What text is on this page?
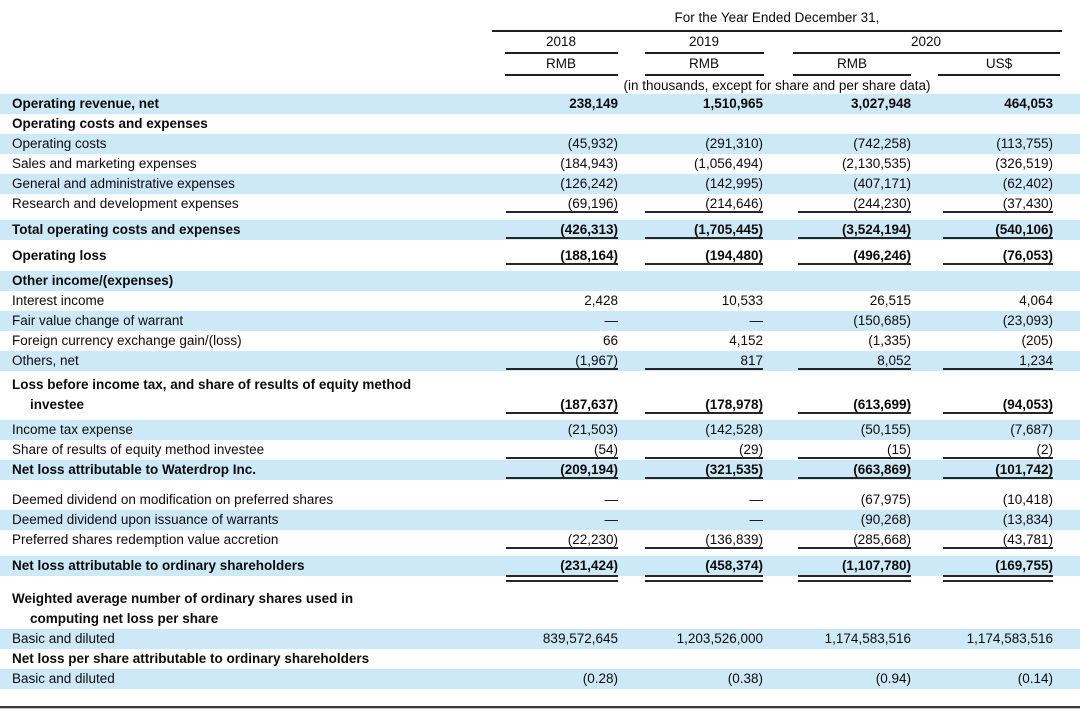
For the Year Ended December 31,
2018	2019	2020
RMB	RMB	RMB	US$
(in thousands, except for share and per share data)
Operating revenue, net	238,149	1,510,965	3,027,948	464,053
Operating costs and expenses
Operating costs	(45,932)	(291,310)	(742,258)	(113,755)
Sales and marketing expenses	(184,943)	(1,056,494)	(2,130,535)	(326,519)
General and administrative expenses	(126,242)	(142,995)	(407,171)	(62,402)
Research and development expenses	(69,196)	(214,646)	(244,230)	(37,430)
Total operating costs and expenses	(426,313)	(1,705,445)	(3,524,194)	(540,106)
Operating loss	(188,164)	(194,480)	(496,246)	(76,053)
Other income/(expenses)
Interest income	2,428	10,533	26,515	4,064
Fair value change of warrant	—	—	(150,685)	(23,093)
Foreign currency exchange gain/(loss)	66	4,152	(1,335)	(205)
Others, net	(1,967)	817	8,052	1,234
Loss before income tax, and share of results of equity method
investee	(187,637)	(178,978)	(613,699)	(94,053)
Income tax expense	(21,503)	(142,528)	(50,155)	(7,687)
Share of results of equity method investee	(54)	(29)	(15)	(2)
Net loss attributable to Waterdrop Inc.	(209,194)	(321,535)	(663,869)	(101,742)
Deemed dividend on modification on preferred shares	—	—	(67,975)	(10,418)
Deemed dividend upon issuance of warrants	—	—	(90,268)	(13,834)
Preferred shares redemption value accretion	(22,230)	(136,839)	(285,668)	(43,781)
Net loss attributable to ordinary shareholders	(231,424)	(458,374)	(1,107,780)	(169,755)
Weighted average number of ordinary shares used in
computing net loss per share
Basic and diluted	839,572,645	1,203,526,000	1,174,583,516	1,174,583,516
Net loss per share attributable to ordinary shareholders
Basic and diluted	(0.28)	(0.38)	(0.94)	(0.14)
